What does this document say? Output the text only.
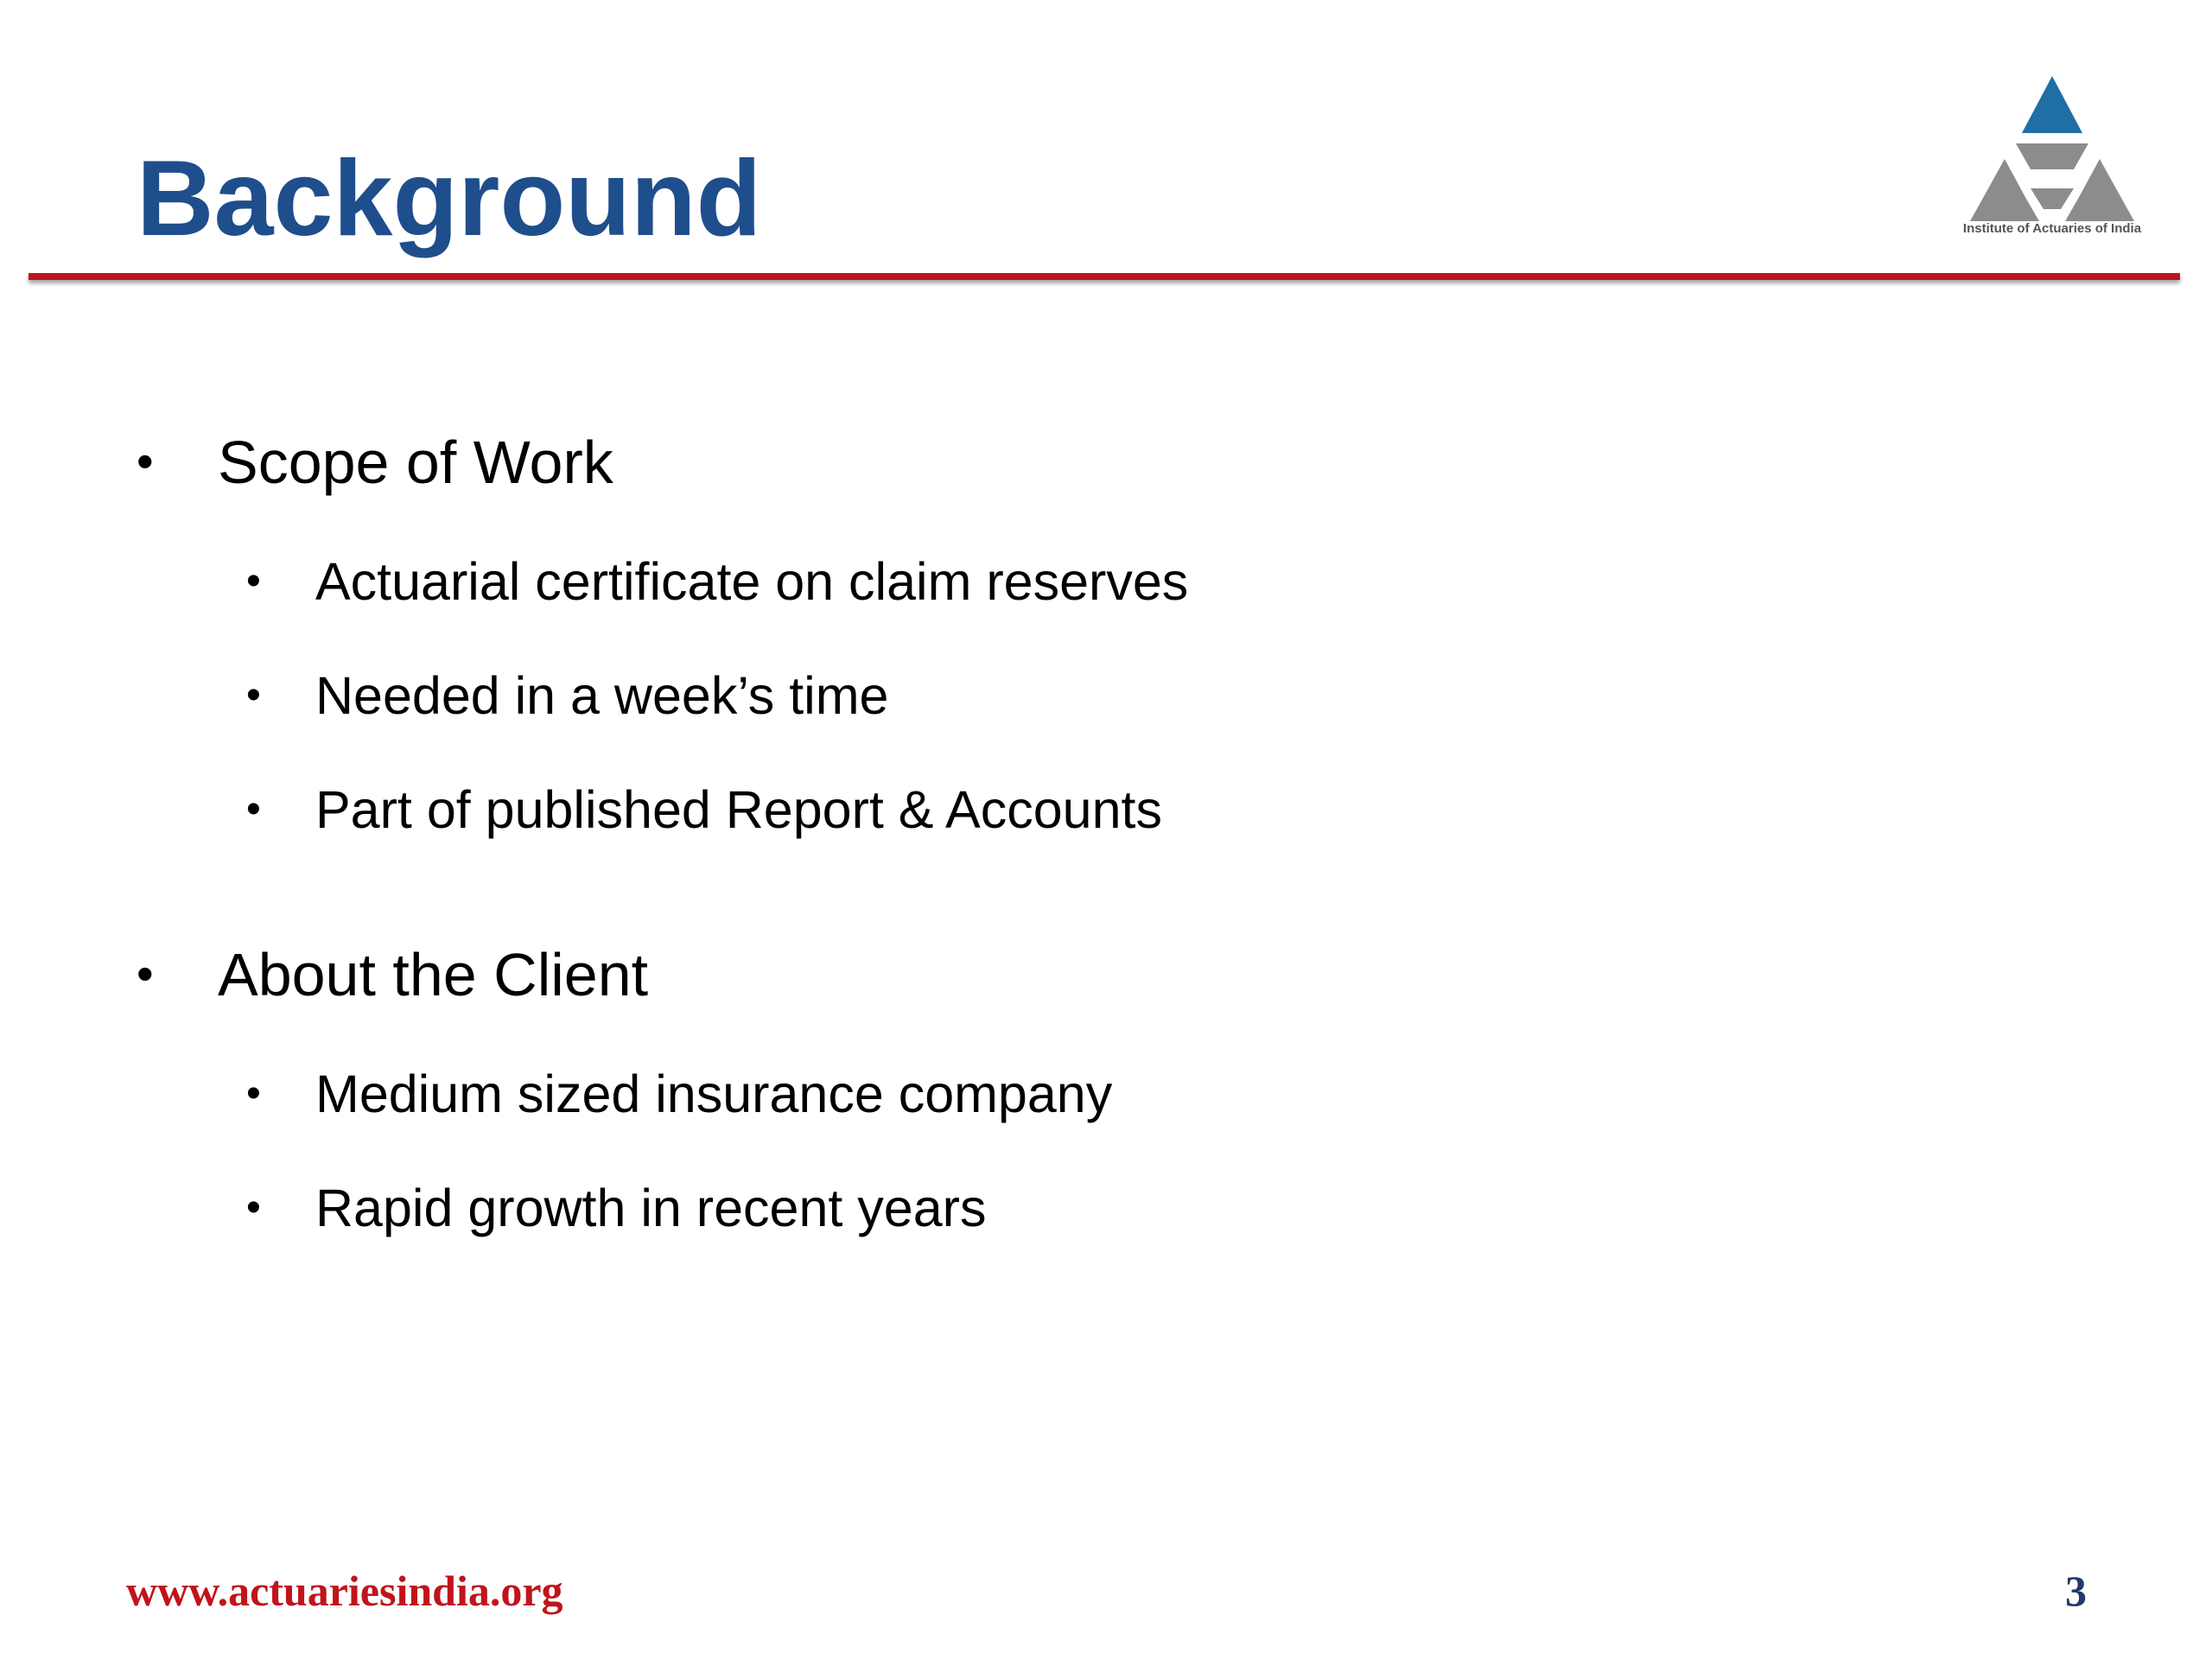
Background	Institute of Actuaries of India
• Scope of Work
• Actuarial certificate on claim reserves
• Needed in a week’s time
• Part of published Report & Accounts
• About the Client
• Medium sized insurance company
• Rapid growth in recent years
www.actuariesindia.org	3
